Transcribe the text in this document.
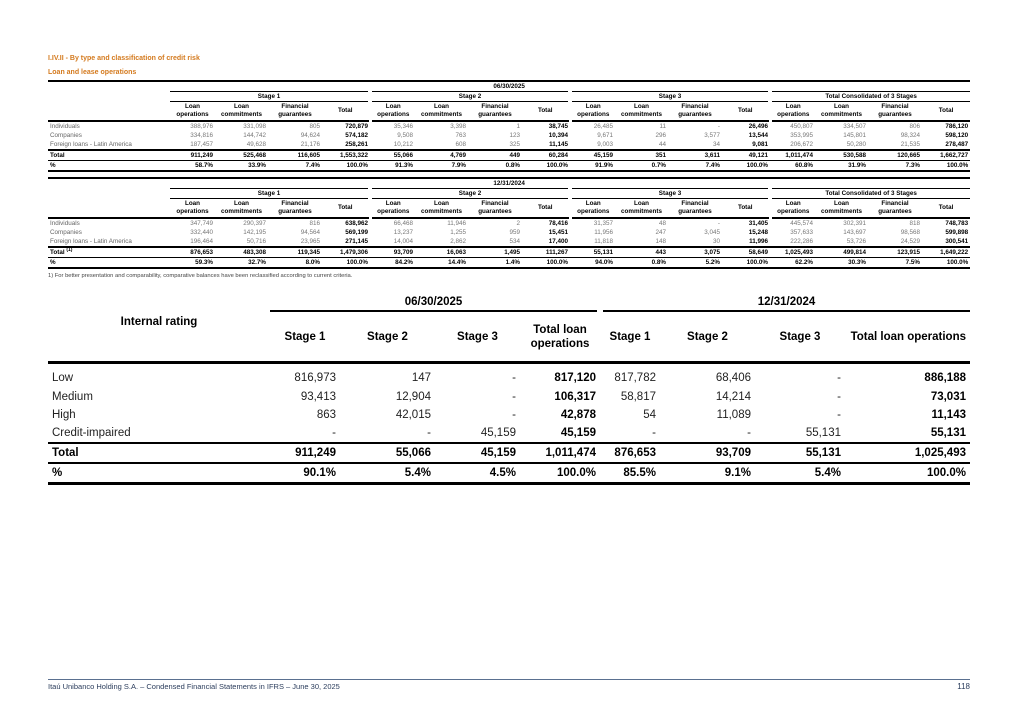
I.IV.II - By type and classification of credit risk
Loan and lease operations
06/30/2025																
	Stage 1				Stage 2				Stage 3				Total Consolidated of 3 Stages			
	Loan operations	Loan commitments	Financial guarantees	Total	Loan operations	Loan commitments	Financial guarantees	Total	Loan operations	Loan commitments	Financial guarantees	Total	Loan operations	Loan commitments	Financial guarantees	Total
Individuals	388,976	331,098	805	720,879	35,346	3,398	1	38,745	26,485	11	-	26,496	450,807	334,507	806	786,120
Companies	334,816	144,742	94,624	574,182	9,508	763	123	10,394	9,671	296	3,577	13,544	353,995	145,801	98,324	598,120
Foreign loans - Latin America	187,457	49,628	21,176	258,261	10,212	608	325	11,145	9,003	44	34	9,081	206,672	50,280	21,535	278,487
Total	911,249	525,468	116,605	1,553,322	55,066	4,769	449	60,284	45,159	351	3,611	49,121	1,011,474	530,588	120,665	1,662,727
%	58.7%	33.9%	7.4%	100.0%	91.3%	7.9%	0.8%	100.0%	91.9%	0.7%	7.4%	100.0%	60.8%	31.9%	7.3%	100.0%
12/31/2024																
	Stage 1				Stage 2				Stage 3				Total Consolidated of 3 Stages			
	Loan operations	Loan commitments	Financial guarantees	Total	Loan operations	Loan commitments	Financial guarantees	Total	Loan operations	Loan commitments	Financial guarantees	Total	Loan operations	Loan commitments	Financial guarantees	Total
Individuals	347,749	290,397	816	638,962	66,468	11,946	2	78,416	31,357	48	-	31,405	445,574	302,391	818	748,783
Companies	332,440	142,195	94,564	569,199	13,237	1,255	959	15,451	11,956	247	3,045	15,248	357,633	143,697	98,568	599,898
Foreign loans - Latin America	196,464	50,716	23,965	271,145	14,004	2,862	534	17,400	11,818	148	30	11,996	222,286	53,726	24,529	300,541
Total $^{(1)}$	876,653	483,308	119,345	1,479,306	93,709	16,063	1,495	111,267	55,131	443	3,075	58,649	1,025,493	499,814	123,915	1,649,222
%	59.3%	32.7%	8.0%	100.0%	84.2%	14.4%	1.4%	100.0%	94.0%	0.8%	5.2%	100.0%	62.2%	30.3%	7.5%	100.0%
1) For better presentation and comparability, comparative balances have been reclassified according to current criteria.
	06/30/2025				12/31/2024			
Internal rating	Stage 1	Stage 2	Stage 3	Total loan operations	Stage 1	Stage 2	Stage 3	Total loan operations
Low	816,973	147	-	817,120	817,782	68,406	-	886,188
Medium	93,413	12,904	-	106,317	58,817	14,214	-	73,031
High	863	42,015	-	42,878	54	11,089	-	11,143
Credit-impaired	-	-	45,159	45,159	-	-	55,131	55,131
Total	911,249	55,066	45,159	1,011,474	876,653	93,709	55,131	1,025,493
%	90.1%	5.4%	4.5%	100.0%	85.5%	9.1%	5.4%	100.0%
Itaú Unibanco Holding S.A. – Condensed Financial Statements in IFRS – June 30, 2025	118
